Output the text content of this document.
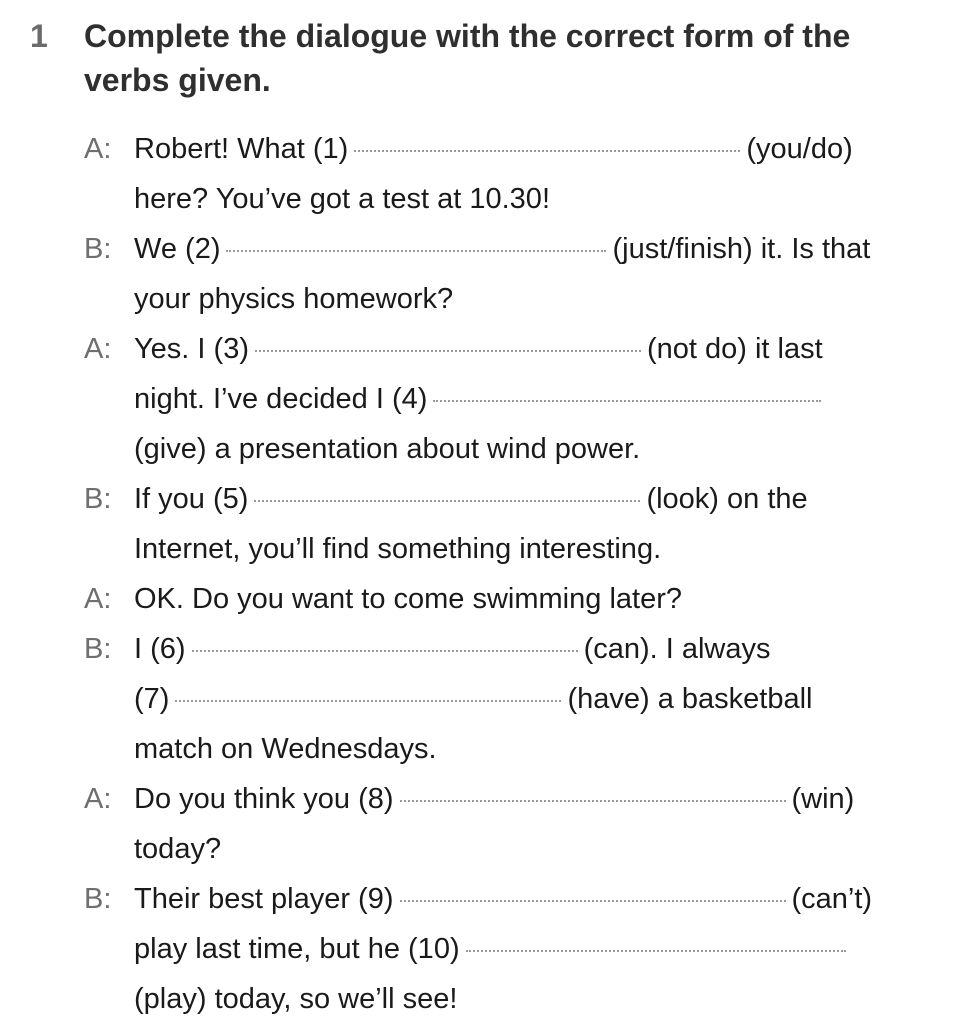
1 Complete the dialogue with the correct form of the verbs given.
A: Robert! What (1)	(you/do)
here? You’ve got a test at 10.30!
B: We (2)	(just/finish) it. Is that
your physics homework?
A: Yes. I (3)	(not do) it last
night. I’ve decided I (4)
(give) a presentation about wind power.
B: If you (5)	(look) on the
Internet, you’ll find something interesting.
A: OK. Do you want to come swimming later?
B: I (6)	(can). I always
(7)	(have) a basketball
match on Wednesdays.
A: Do you think you (8)	(win)
today?
B: Their best player (9)	(can’t)
play last time, but he (10)
(play) today, so we’ll see!
